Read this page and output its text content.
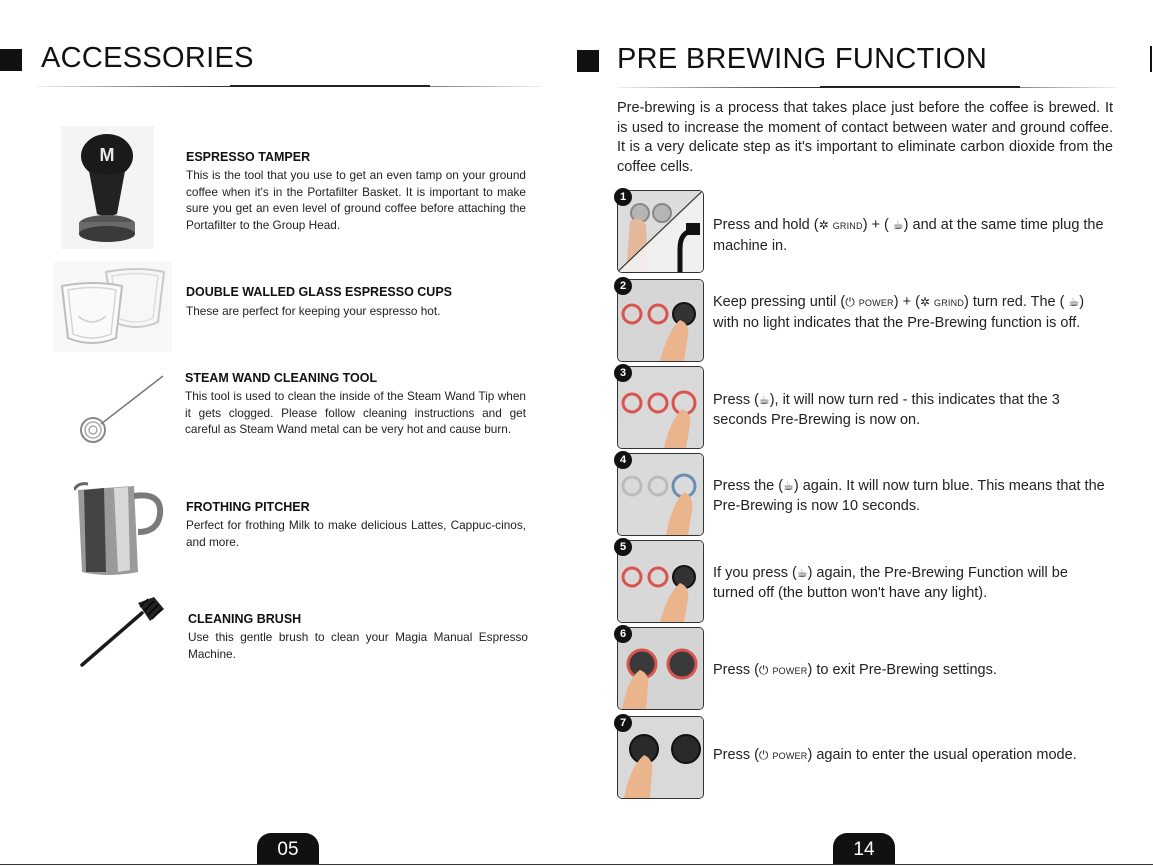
ACCESSORIES
M	ESPRESSO TAMPER
This is the tool that you use to get an even tamp on your ground coffee when it's in the Portafilter Basket. It is important to make sure you get an even level of ground coffee before attaching the Portafilter to the Group Head.
DOUBLE WALLED GLASS ESPRESSO CUPS
These are perfect for keeping your espresso hot.
STEAM WAND CLEANING TOOL
This tool is used to clean the inside of the Steam Wand Tip when it gets clogged. Please follow cleaning instructions and get careful as Steam Wand metal can be very hot and cause burn.
FROTHING PITCHER
Perfect for frothing Milk to make delicious Lattes, Cappuc-cinos, and more.
CLEANING BRUSH
Use this gentle brush to clean your Magia Manual Espresso Machine.
05
PRE BREWING FUNCTION
Pre-brewing is a process that takes place just before the coffee is brewed. It is used to increase the moment of contact between water and ground coffee. It is a very delicate step as it's important to eliminate carbon dioxide from the coffee cells.
1
Press and hold (✲ GRIND) + ( ☕) and at the same time plug the machine in.
2
Keep pressing until (⏻ POWER) + (✲ GRIND) turn red. The ( ☕) with no light indicates that the Pre-Brewing function is off.
3
Press (☕), it will now turn red - this indicates that the 3 seconds Pre-Brewing is now on.
4
Press the (☕) again. It will now turn blue. This means that the Pre-Brewing is now 10 seconds.
5
If you press (☕) again, the Pre-Brewing Function will be turned off (the button won't have any light).
6
Press (⏻ POWER) to exit Pre-Brewing settings.
7
Press (⏻ POWER) again to enter the usual operation mode.
14
